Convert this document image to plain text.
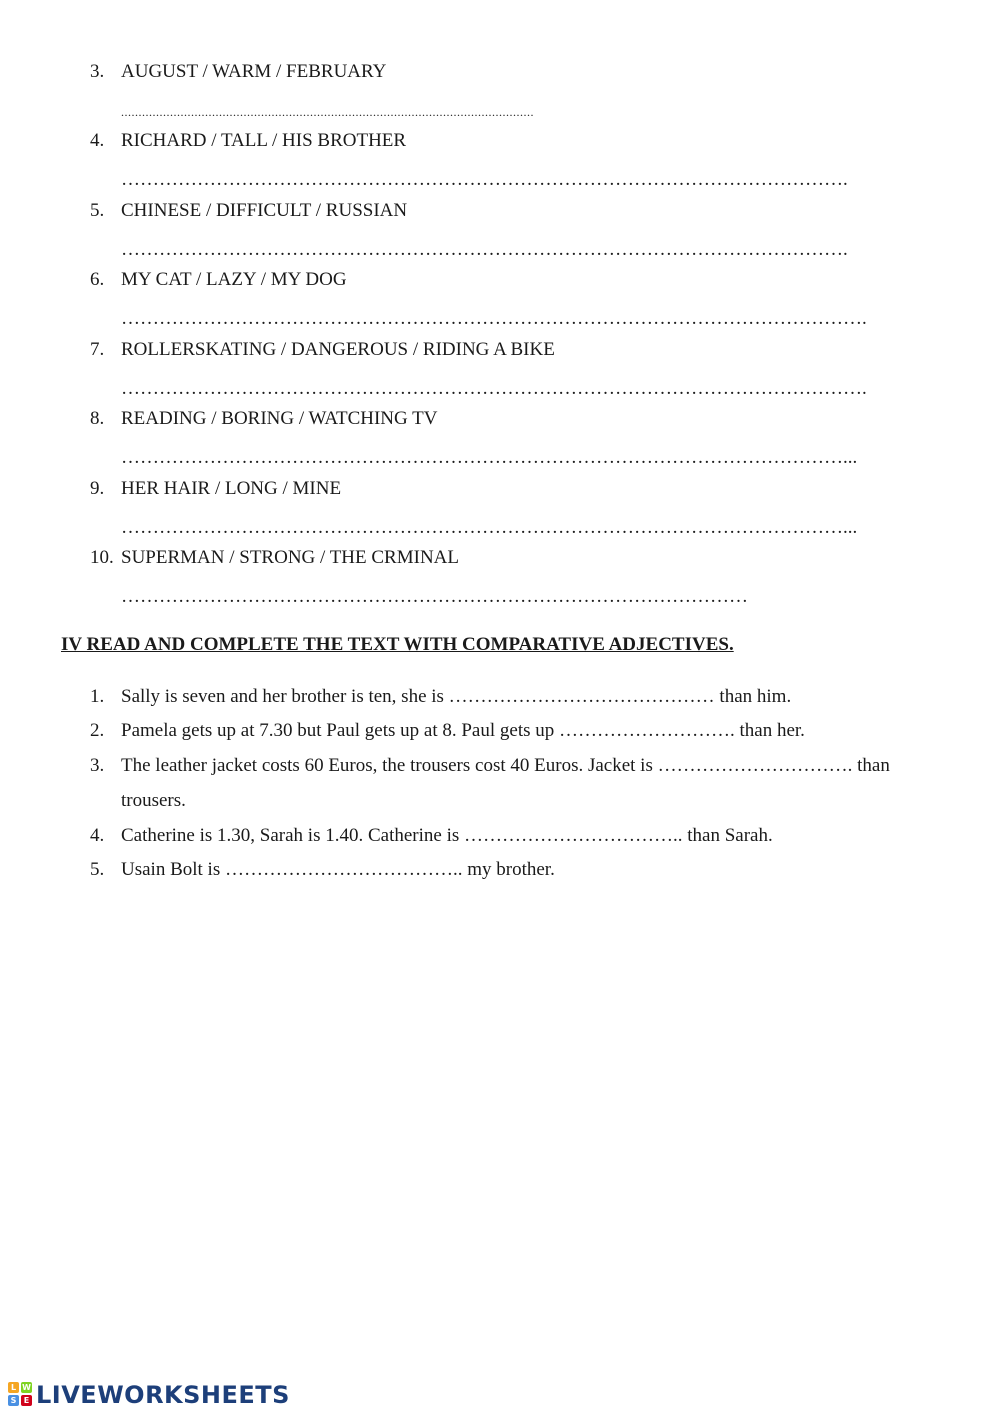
3. AUGUST / WARM / FEBRUARY
......................................................................................................................
4. RICHARD / TALL / HIS BROTHER
…………………………………………………………………………………………………….
5. CHINESE / DIFFICULT / RUSSIAN
…………………………………………………………………………………………………….
6. MY CAT / LAZY / MY DOG
……………………………………………………………………………………………………….
7. ROLLERSKATING / DANGEROUS / RIDING A BIKE
……………………………………………………………………………………………………….
8. READING / BORING / WATCHING TV
……………………………………………………………………………………………………...
9. HER HAIR / LONG / MINE
……………………………………………………………………………………………………...
10. SUPERMAN / STRONG / THE CRMINAL
………………………………………………………………………………………
IV READ AND COMPLETE THE TEXT WITH COMPARATIVE ADJECTIVES.
1. Sally is seven and her brother is ten, she is …………………………………… than him.
2. Pamela gets up at 7.30 but Paul gets up at 8. Paul gets up ………………………. than her.
3. The leather jacket costs 60 Euros, the trousers cost 40 Euros. Jacket is …………………………. than
trousers.
4. Catherine is 1.30, Sarah is 1.40. Catherine is …………………………….. than Sarah.
5. Usain Bolt is ……………………………….. my brother.
L W
S E LIVEWORKSHEETS
